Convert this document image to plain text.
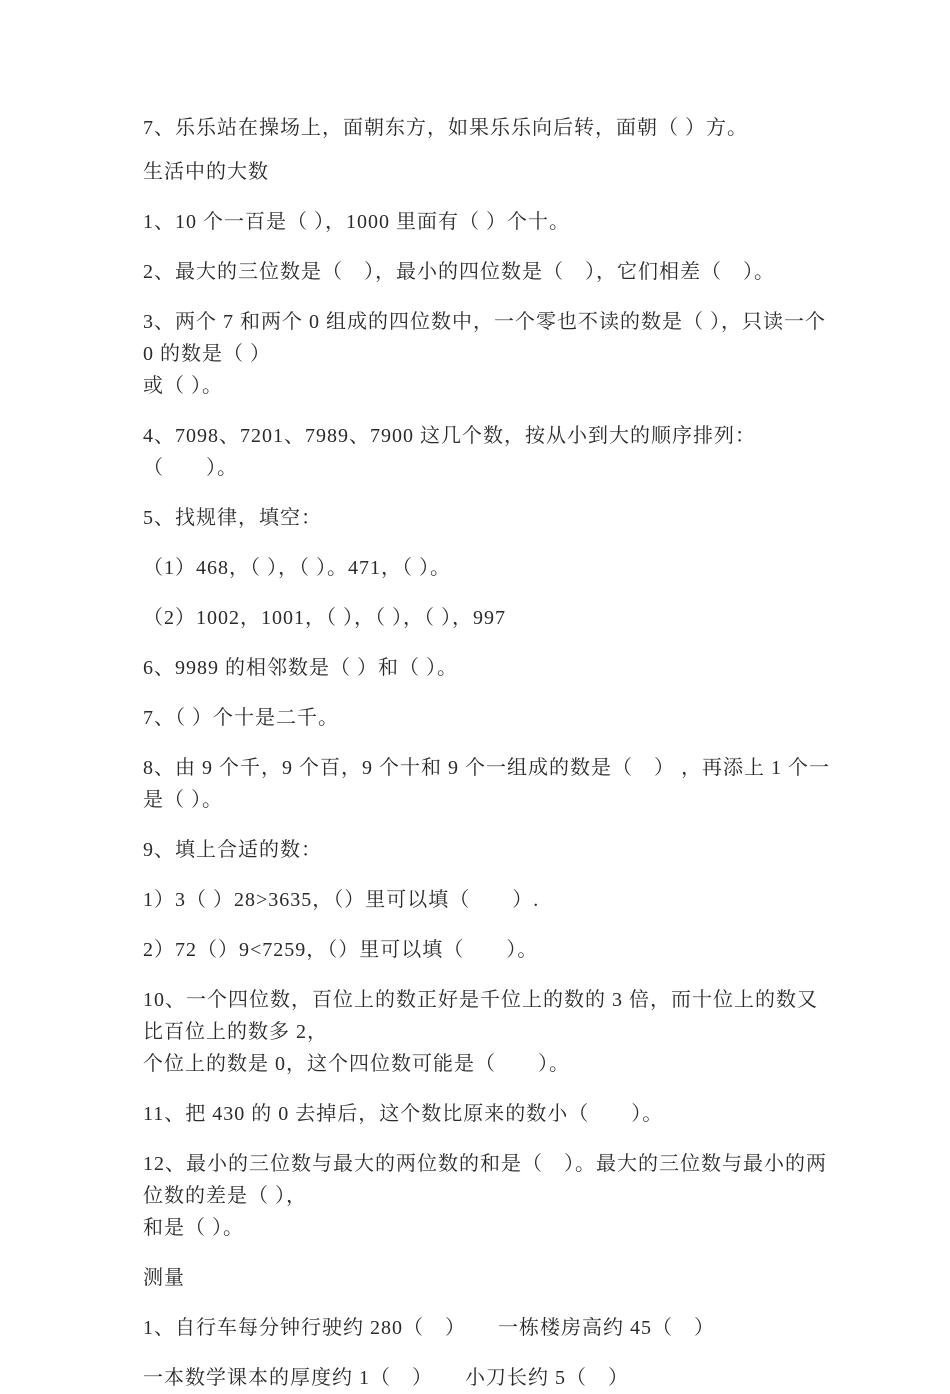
7、乐乐站在操场上，面朝东方，如果乐乐向后转，面朝（ ）方。
生活中的大数
1、10 个一百是（ ），1000 里面有（ ）个十。
2、最大的三位数是（　），最小的四位数是（　），它们相差（　）。
3、两个 7 和两个 0 组成的四位数中，一个零也不读的数是（ ），只读一个 0 的数是（ ）
或（ ）。
4、7098、7201、7989、7900 这几个数，按从小到大的顺序排列：（　　）。
5、找规律，填空：
（1）468，（ ），（ ）。471，（ ）。
（2）1002，1001，（ ），（ ），（ ），997
6、9989 的相邻数是（ ）和（ ）。
7、（ ）个十是二千。
8、由 9 个千，9 个百，9 个十和 9 个一组成的数是（　） ，再添上 1 个一是（ ）。
9、填上合适的数：
1）3（ ）28>3635，（）里可以填（　　）.
2）72（）9<7259，（）里可以填（　　）。
10、一个四位数，百位上的数正好是千位上的数的 3 倍，而十位上的数又比百位上的数多 2，
个位上的数是 0，这个四位数可能是（　　）。
11、把 430 的 0 去掉后，这个数比原来的数小（　　）。
12、最小的三位数与最大的两位数的和是（　）。最大的三位数与最小的两位数的差是（ ），
和是（ ）。
测量
1、自行车每分钟行驶约 280（　）　　一栋楼房高约 45（　）
一本数学课本的厚度约 1（　）　　小刀长约 5（　）
